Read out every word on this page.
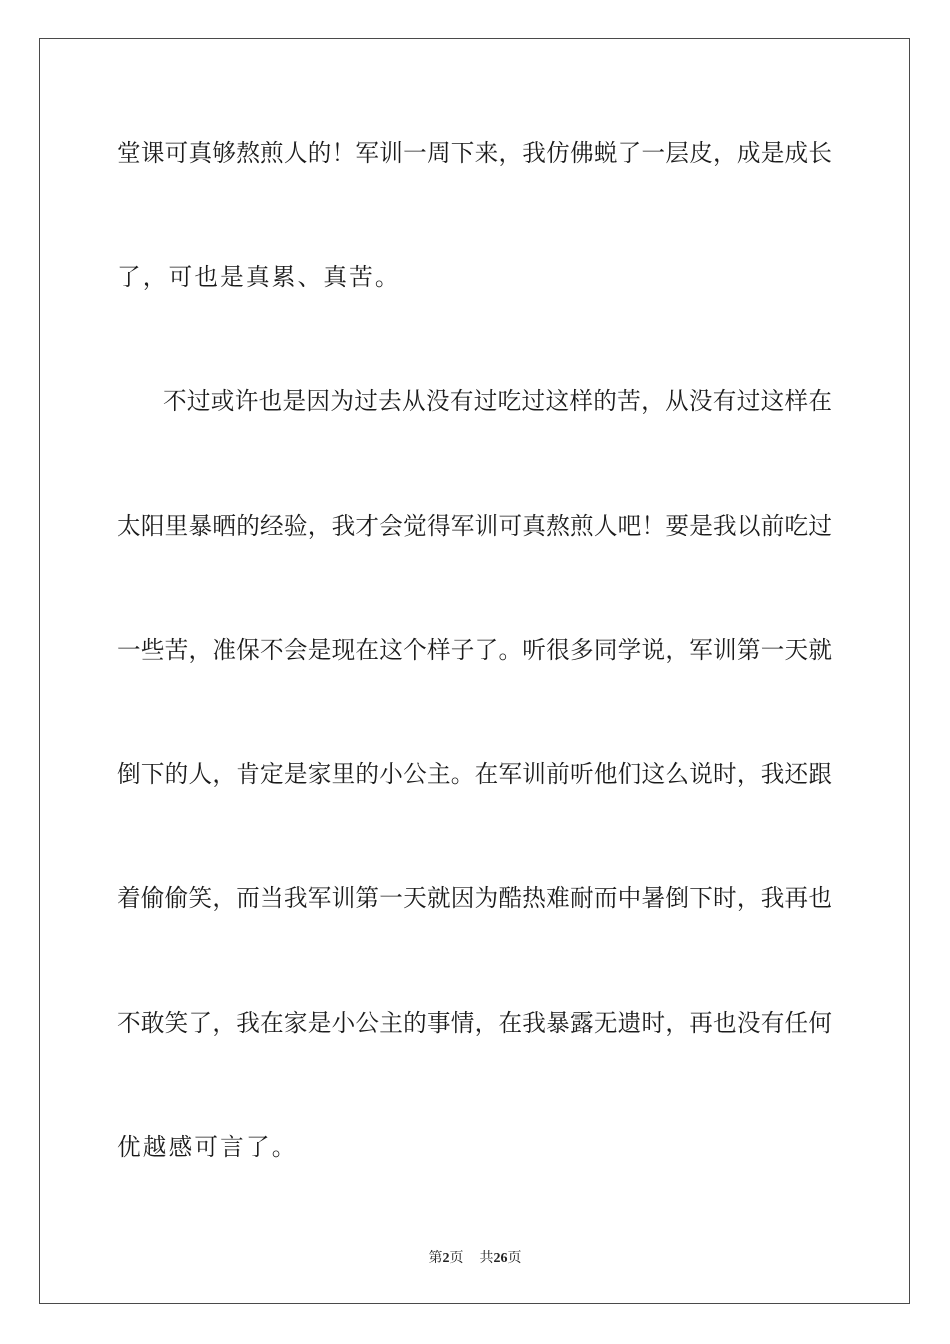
堂课可真够熬煎人的！军训一周下来，我仿佛蜕了一层皮，成是成长
了，可也是真累、真苦。
不过或许也是因为过去从没有过吃过这样的苦，从没有过这样在
太阳里暴晒的经验，我才会觉得军训可真熬煎人吧！要是我以前吃过
一些苦，准保不会是现在这个样子了。听很多同学说，军训第一天就
倒下的人，肯定是家里的小公主。在军训前听他们这么说时，我还跟
着偷偷笑，而当我军训第一天就因为酷热难耐而中暑倒下时，我再也
不敢笑了，我在家是小公主的事情，在我暴露无遗时，再也没有任何
优越感可言了。
第2页 共26页
